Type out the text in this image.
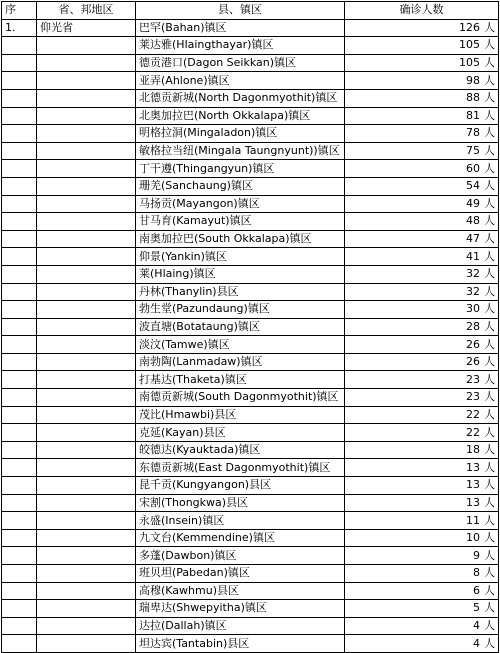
序	省、邦地区	县、镇区	确诊人数
1.	仰光省	巴罕(Bahan)镇区	126 人
		莱达雅(Hlaingthayar)镇区	105 人
		德贡港口(Dagon Seikkan)镇区	105 人
		亚弄(Ahlone)镇区	98 人
		北德贡新城(North Dagonmyothit)镇区	88 人
		北奥加拉巴(North Okkalapa)镇区	81 人
		明格拉洞(Mingaladon)镇区	78 人
		敏格拉当纽(Mingala Taungnyunt))镇区	75 人
		丁干遵(Thingangyun)镇区	60 人
		珊羌(Sanchaung)镇区	54 人
		马扬贡(Mayangon)镇区	49 人
		甘马育(Kamayut)镇区	48 人
		南奥加拉巴(South Okkalapa)镇区	47 人
		仰景(Yankin)镇区	41 人
		莱(Hlaing)镇区	32 人
		丹林(Thanylin)县区	32 人
		勃生堂(Pazundaung)镇区	30 人
		波直塘(Botataung)镇区	28 人
		淡汶(Tamwe)镇区	26 人
		南勃陶(Lanmadaw)镇区	26 人
		打基达(Thaketa)镇区	23 人
		南德贡新城(South Dagonmyothit)镇区	23 人
		茂比(Hmawbi)县区	22 人
		克延(Kayan)县区	22 人
		皎德达(Kyauktada)镇区	18 人
		东德贡新城(East Dagonmyothit)镇区	13 人
		昆千贡(Kungyangon)县区	13 人
		宋割(Thongkwa)县区	13 人
		永盛(Insein)镇区	11 人
		九文台(Kemmendine)镇区	10 人
		多蓬(Dawbon)镇区	9 人
		班贝坦(Pabedan)镇区	8 人
		高穆(Kawhmu)县区	6 人
		瑞卑达(Shwepyitha)镇区	5 人
		达拉(Dallah)镇区	4 人
		坦达宾(Tantabin)县区	4 人
